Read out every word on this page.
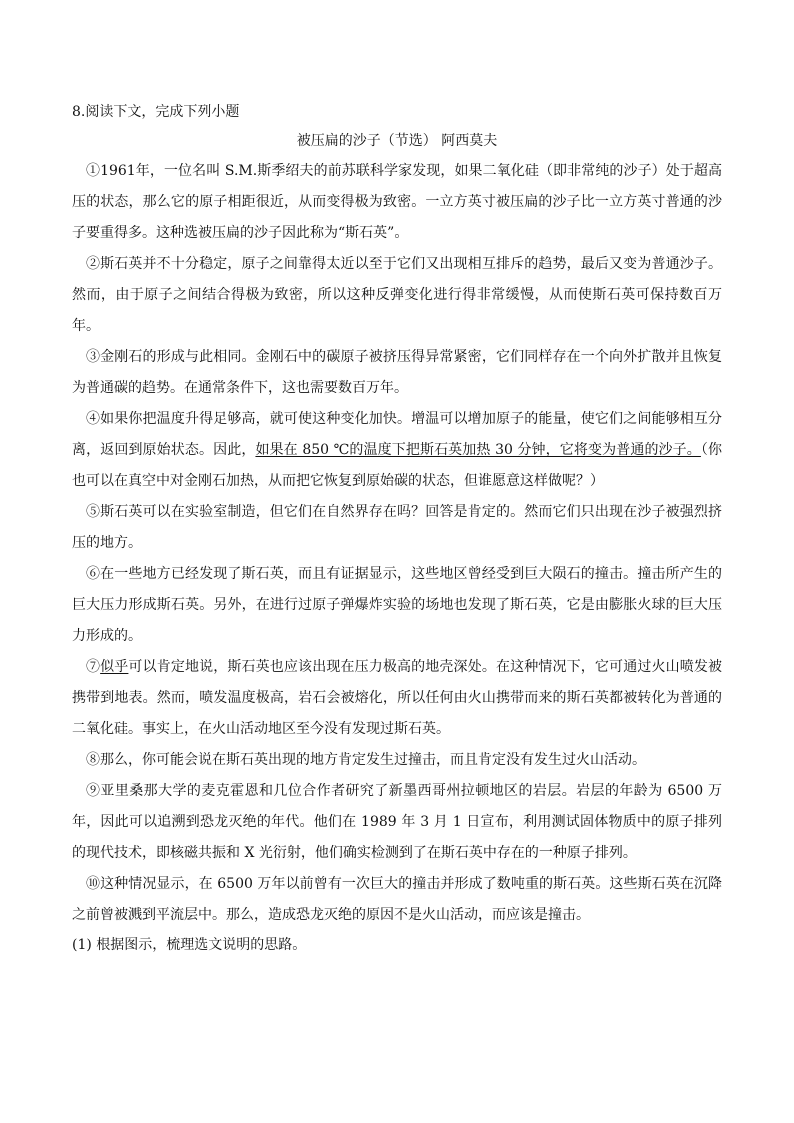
8.阅读下文，完成下列小题

被压扁的沙子（节选） 阿西莫夫

①1961年，一位名叫 S.M.斯季绍夫的前苏联科学家发现，如果二氧化硅（即非常纯的沙子）处于超高压的状态，那么它的原子相距很近，从而变得极为致密。一立方英寸被压扁的沙子比一立方英寸普通的沙子要重得多。这种选被压扁的沙子因此称为“斯石英”。

②斯石英并不十分稳定，原子之间靠得太近以至于它们又出现相互排斥的趋势，最后又变为普通沙子。然而，由于原子之间结合得极为致密，所以这种反弹变化进行得非常缓慢，从而使斯石英可保持数百万年。

③金刚石的形成与此相同。金刚石中的碳原子被挤压得异常紧密，它们同样存在一个向外扩散并且恢复为普通碳的趋势。在通常条件下，这也需要数百万年。

④如果你把温度升得足够高，就可使这种变化加快。增温可以增加原子的能量，使它们之间能够相互分离，返回到原始状态。因此，如果在 850 ℃的温度下把斯石英加热 30 分钟，它将变为普通的沙子。（你也可以在真空中对金刚石加热，从而把它恢复到原始碳的状态，但谁愿意这样做呢？）

⑤斯石英可以在实验室制造，但它们在自然界存在吗？回答是肯定的。然而它们只出现在沙子被强烈挤压的地方。

⑥在一些地方已经发现了斯石英，而且有证据显示，这些地区曾经受到巨大陨石的撞击。撞击所产生的巨大压力形成斯石英。另外，在进行过原子弹爆炸实验的场地也发现了斯石英，它是由膨胀火球的巨大压力形成的。

⑦似乎可以肯定地说，斯石英也应该出现在压力极高的地壳深处。在这种情况下，它可通过火山喷发被携带到地表。然而，喷发温度极高，岩石会被熔化，所以任何由火山携带而来的斯石英都被转化为普通的二氧化硅。事实上，在火山活动地区至今没有发现过斯石英。

⑧那么，你可能会说在斯石英出现的地方肯定发生过撞击，而且肯定没有发生过火山活动。

⑨亚里桑那大学的麦克霍恩和几位合作者研究了新墨西哥州拉顿地区的岩层。岩层的年龄为 6500 万年，因此可以追溯到恐龙灭绝的年代。他们在 1989 年 3 月 1 日宣布，利用测试固体物质中的原子排列的现代技术，即核磁共振和 X 光衍射，他们确实检测到了在斯石英中存在的一种原子排列。

⑩这种情况显示，在 6500 万年以前曾有一次巨大的撞击并形成了数吨重的斯石英。这些斯石英在沉降之前曾被溅到平流层中。那么，造成恐龙灭绝的原因不是火山活动，而应该是撞击。

(1) 根据图示，梳理选文说明的思路。
